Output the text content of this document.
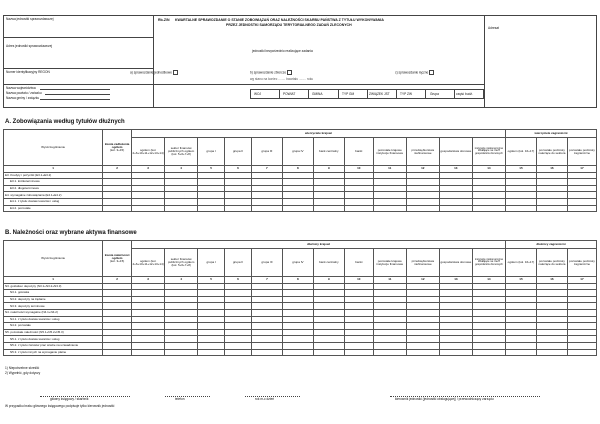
Nazwa jednostki sprawozdawczej
Adres jednostki sprawozdawczej
Numer identyfikacyjny REGON
Rb-Z/N KWARTALNE SPRAWOZDANIE O STANIE ZOBOWIĄZAŃ ORAZ NALEŻNOŚCI SKARBU PAŃSTWA Z TYTUŁU WYKONYWANIA
PRZEZ JEDNOSTKI SAMORZĄDU TERYTORIALNEGO ZADAŃ ZLECONYCH
Adresat
jednostki bezpośrednio realizujące zadania
a) sprawozdanie jednostkowe	b) sprawozdanie zbiorcze	c) sprawozdanie łączne
wg stanu na koniec ........ kwartału ........ roku
Nazwa województwa
Nazwa powiatu / zwiazku
Nazwa gminy / związku
WOJ	POWIAT	GMINA	TYP GM	ZWIĄZEK JST	TYP ZW	Grupa	część budż.
A. Zobowiązania według tytułów dłużnych
Wyszczególnienie	kwota zadłużenia ogółem
(kol. 3+15)	wierzyciele krajowi												wierzyciele zagraniczni		
		ogółem (kol. 4+6+10+11+12+13+14)	sektor finansów publicznych ogółem (kol. 5+6+7+8)	grupa I	grupa II	grupa III	grupa IV	bank centralny	banki	pozostałe krajowe instytucje finansowe	przedsiębiorstwa niefinansowe	gospodarstwa domowe	instytucje niekomercyjne działające na rzecz gospodarstw domowych	ogółem (kol. 16+17)	pozostałe podmioty należące do sektora	pozostałe podmioty zagraniczne
1	2	3	4	5	6	7	8	9	10	11	12	13	14	15	16	17
E3. Kredyty i pożyczki (E3.1+E3.2)																
E3.1. krótkoterminowe																
E3.2. długoterminowe																
E4. wymagalne zobowiązania (E4.1+E4.2)																
E4.1. z tytułu dostaw towarów i usług																
E4.2. pozostałe																
B. Należności oraz wybrane aktywa finansowe
Wyszczególnienie	kwota należności ogółem
(kol. 3+15)	dłużnicy krajowi												dłużnicy zagraniczni		
		ogółem (kol. 4+6+10+11+12+13+14)	sektor finansów publicznych ogółem (kol. 5+6+7+8)	grupa I	grupa II	grupa III	grupa IV	bank centralny	banki	pozostałe krajowe instytucje finansowe	przedsiębiorstwa niefinansowe	gospodarstwa domowe	instytucje niekomercyjne działające na rzecz gospodarstw domowych	ogółem (kol. 16+17)	pozostałe podmioty należące do sektora	pozostałe podmioty zagraniczne
1	2	3	4	5	6	7	8	9	10	11	12	13	14	15	16	17
N3. gotówka i depozyty (N3.1+N3.2+N3.3)																
N3.1. gotówka																
N3.2. depozyty na żądanie																
N3.3. depozyty terminowe																
N4. należności wymagalne (N4.1+N4.2)																
N4.1. z tytułu dostaw towarów i usług																
N4.2. pozostałe																
N5. pozostałe należności (N5.1+N5.2+N5.3)																
N5.1. z tytułu dostaw towarów i usług																
N5.2. z tytułu zwrotów prac wrazie na uzasadnienie																
N5.3. z tytułu innych na wymaganie płatne																
1) Niepotrzebne skreślić
2) Wypełnić, gdy dotyczy
główny księgowy / skarbnik	telefon	rok m-c dzień	kierownik jednostki (jednostki obsługującej) / przewodniczący zarządu
W przypadku braku głównego księgowego podpisuje tylko kierownik jednostki
